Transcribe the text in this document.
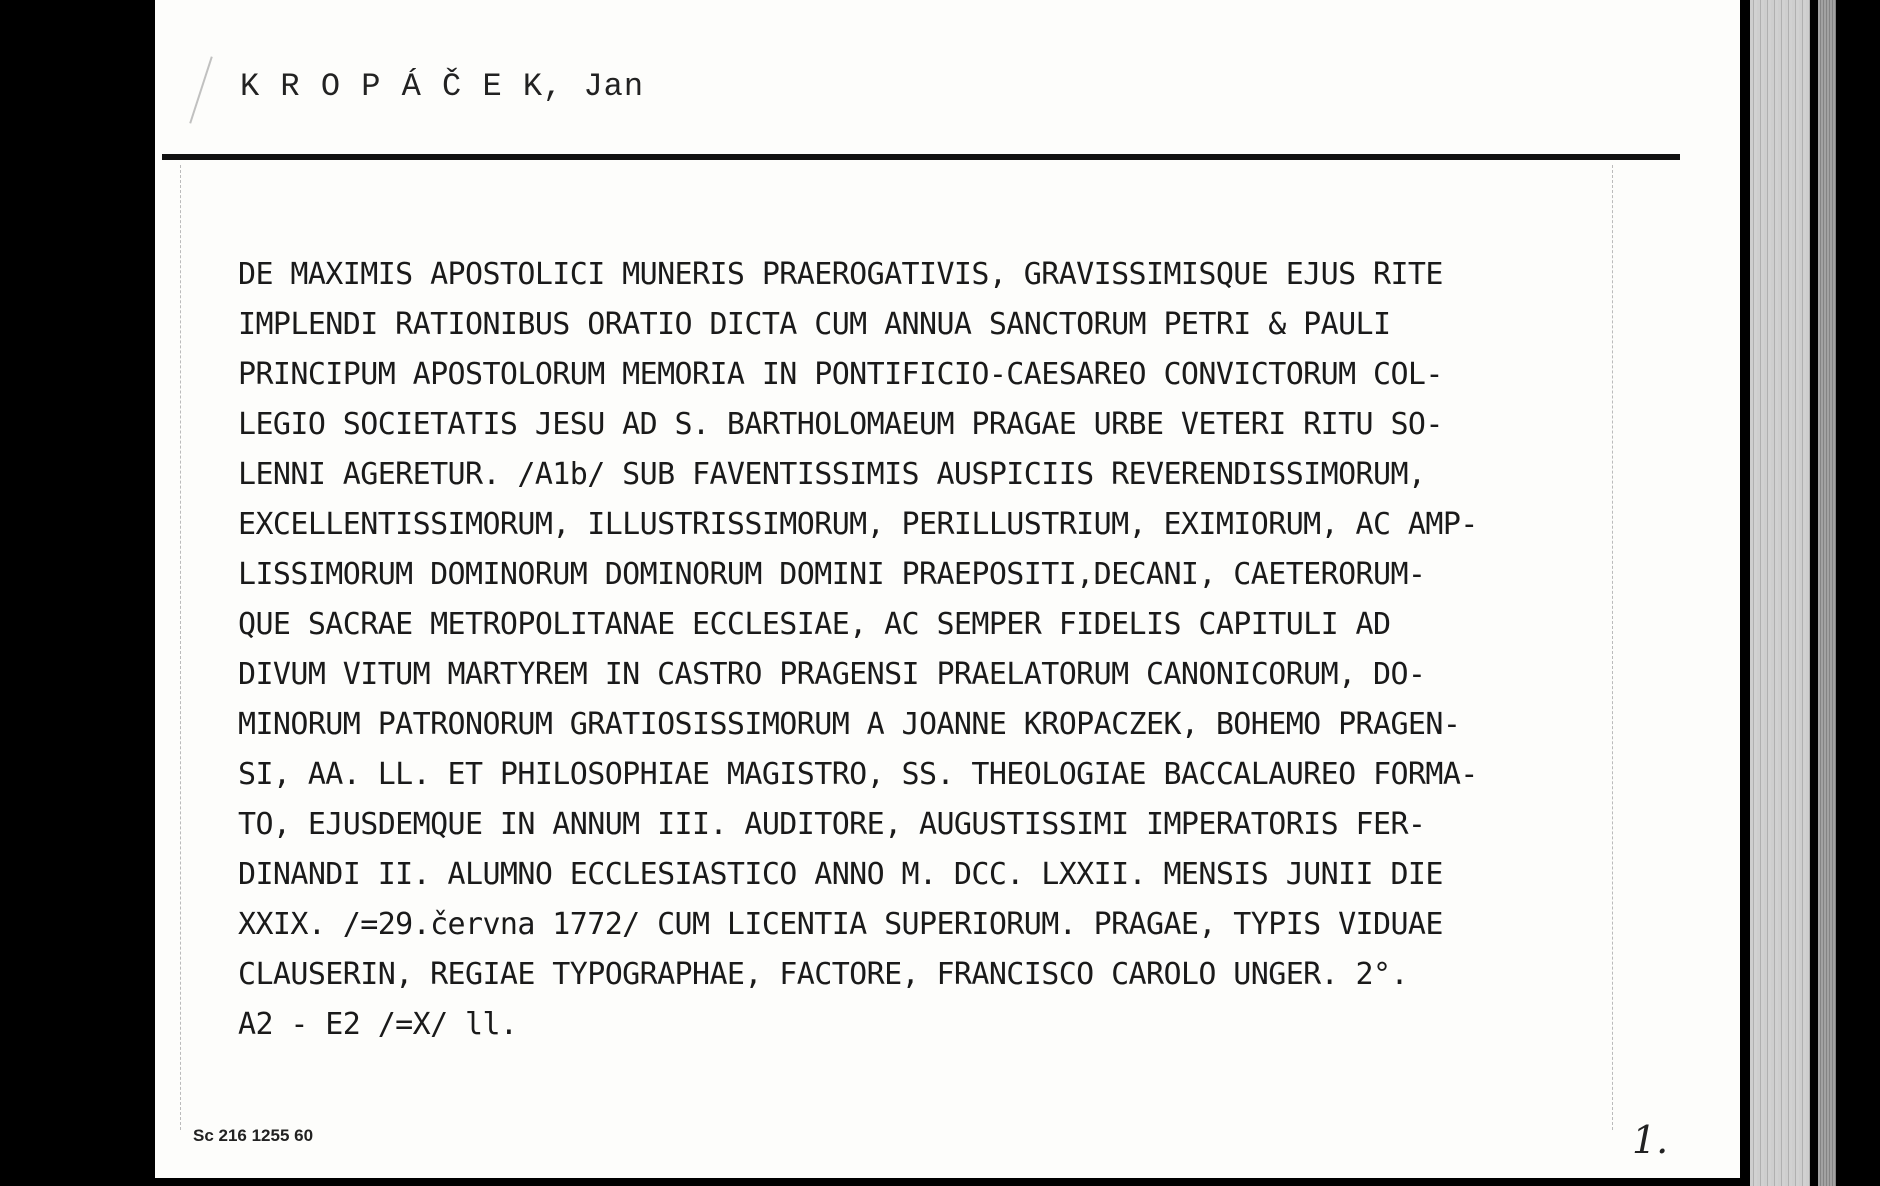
K R O P Á Č E K, Jan
DE MAXIMIS APOSTOLICI MUNERIS PRAEROGATIVIS, GRAVISSIMISQUE EJUS RITE
IMPLENDI RATIONIBUS ORATIO DICTA CUM ANNUA SANCTORUM PETRI & PAULI
PRINCIPUM APOSTOLORUM MEMORIA IN PONTIFICIO-CAESAREO CONVICTORUM COL-
LEGIO SOCIETATIS JESU AD S. BARTHOLOMAEUM PRAGAE URBE VETERI RITU SO-
LENNI AGERETUR. /A1b/ SUB FAVENTISSIMIS AUSPICIIS REVERENDISSIMORUM,
EXCELLENTISSIMORUM, ILLUSTRISSIMORUM, PERILLUSTRIUM, EXIMIORUM, AC AMP-
LISSIMORUM DOMINORUM DOMINORUM DOMINI PRAEPOSITI,DECANI, CAETERORUM-
QUE SACRAE METROPOLITANAE ECCLESIAE, AC SEMPER FIDELIS CAPITULI AD
DIVUM VITUM MARTYREM IN CASTRO PRAGENSI PRAELATORUM CANONICORUM, DO-
MINORUM PATRONORUM GRATIOSISSIMORUM A JOANNE KROPACZEK, BOHEMO PRAGEN-
SI, AA. LL. ET PHILOSOPHIAE MAGISTRO, SS. THEOLOGIAE BACCALAUREO FORMA-
TO, EJUSDEMQUE IN ANNUM III. AUDITORE, AUGUSTISSIMI IMPERATORIS FER-
DINANDI II. ALUMNO ECCLESIASTICO ANNO M. DCC. LXXII. MENSIS JUNII DIE
XXIX. /=29.června 1772/ CUM LICENTIA SUPERIORUM. PRAGAE, TYPIS VIDUAE
CLAUSERIN, REGIAE TYPOGRAPHAE, FACTORE, FRANCISCO CAROLO UNGER. 2°.
A2 - E2 /=X/ ll.
Sc 216 1255 60	1.
